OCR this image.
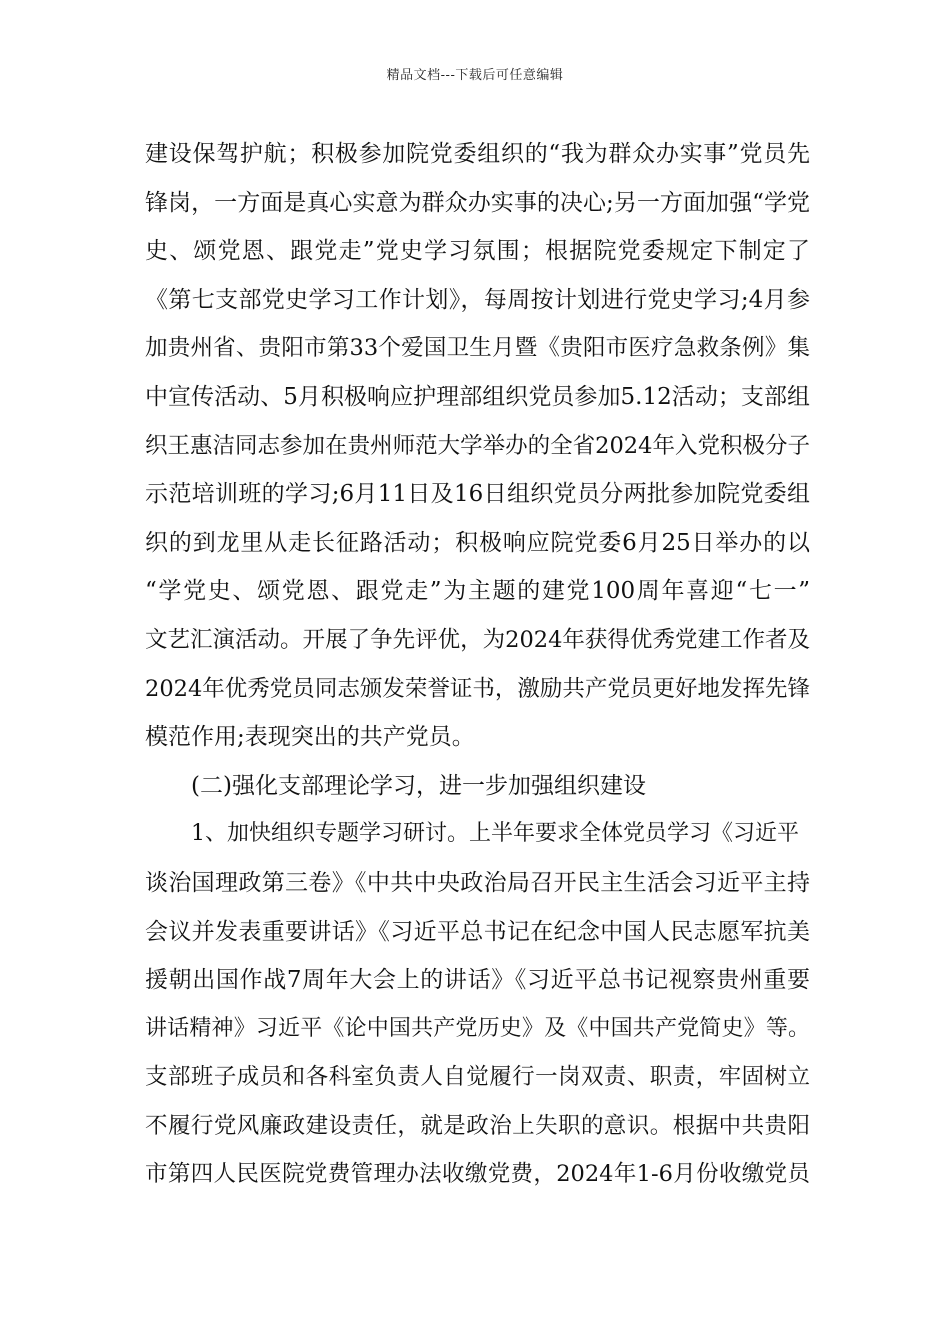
精品文档---下载后可任意编辑
建设保驾护航；积极参加院党委组织的“我为群众办实事”党员先
锋岗，一方面是真心实意为群众办实事的决心;另一方面加强“学党
史、颂党恩、跟党走”党史学习氛围；根据院党委规定下制定了
《第七支部党史学习工作计划》，每周按计划进行党史学习;4月参
加贵州省、贵阳市第33个爱国卫生月暨《贵阳市医疗急救条例》集
中宣传活动、5月积极响应护理部组织党员参加5.12活动；支部组
织王惠洁同志参加在贵州师范大学举办的全省2024年入党积极分子
示范培训班的学习;6月11日及16日组织党员分两批参加院党委组
织的到龙里从走长征路活动；积极响应院党委6月25日举办的以
“学党史、颂党恩、跟党走”为主题的建党100周年喜迎“七一”
文艺汇演活动。开展了争先评优，为2024年获得优秀党建工作者及
2024年优秀党员同志颁发荣誉证书，激励共产党员更好地发挥先锋
模范作用;表现突出的共产党员。
(二)强化支部理论学习，进一步加强组织建设
1、加快组织专题学习研讨。上半年要求全体党员学习《习近平
谈治国理政第三卷》《中共中央政治局召开民主生活会习近平主持
会议并发表重要讲话》《习近平总书记在纪念中国人民志愿军抗美
援朝出国作战7周年大会上的讲话》《习近平总书记视察贵州重要
讲话精神》习近平《论中国共产党历史》及《中国共产党简史》等。
支部班子成员和各科室负责人自觉履行一岗双责、职责，牢固树立
不履行党风廉政建设责任，就是政治上失职的意识。根据中共贵阳
市第四人民医院党费管理办法收缴党费，2024年1-6月份收缴党员
